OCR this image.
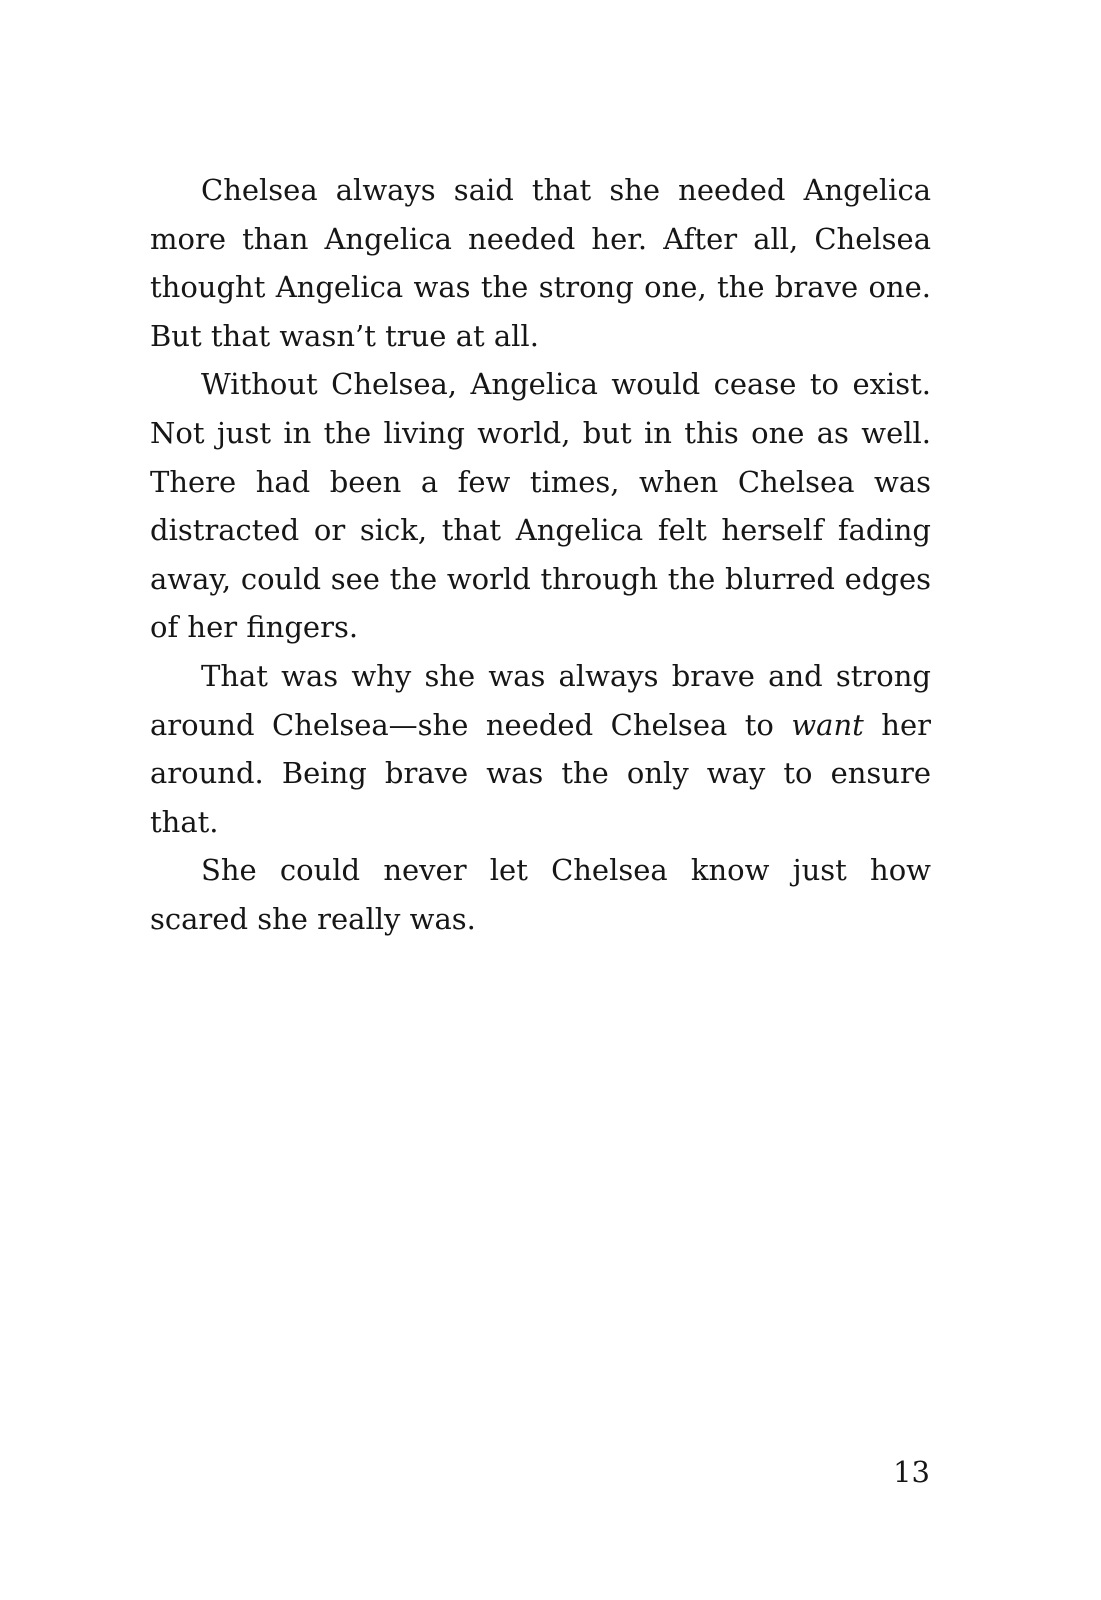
Chelsea always said that she needed Angelica more than Angelica needed her. After all, Chelsea thought Angelica was the strong one, the brave one. But that wasn’t true at all.

Without Chelsea, Angelica would cease to exist. Not just in the living world, but in this one as well. There had been a few times, when Chelsea was distracted or sick, that Angelica felt herself fading away, could see the world through the blurred edges of her fingers.

That was why she was always brave and strong around Chelsea—she needed Chelsea to want her around. Being brave was the only way to ensure that.

She could never let Chelsea know just how scared she really was.

13
